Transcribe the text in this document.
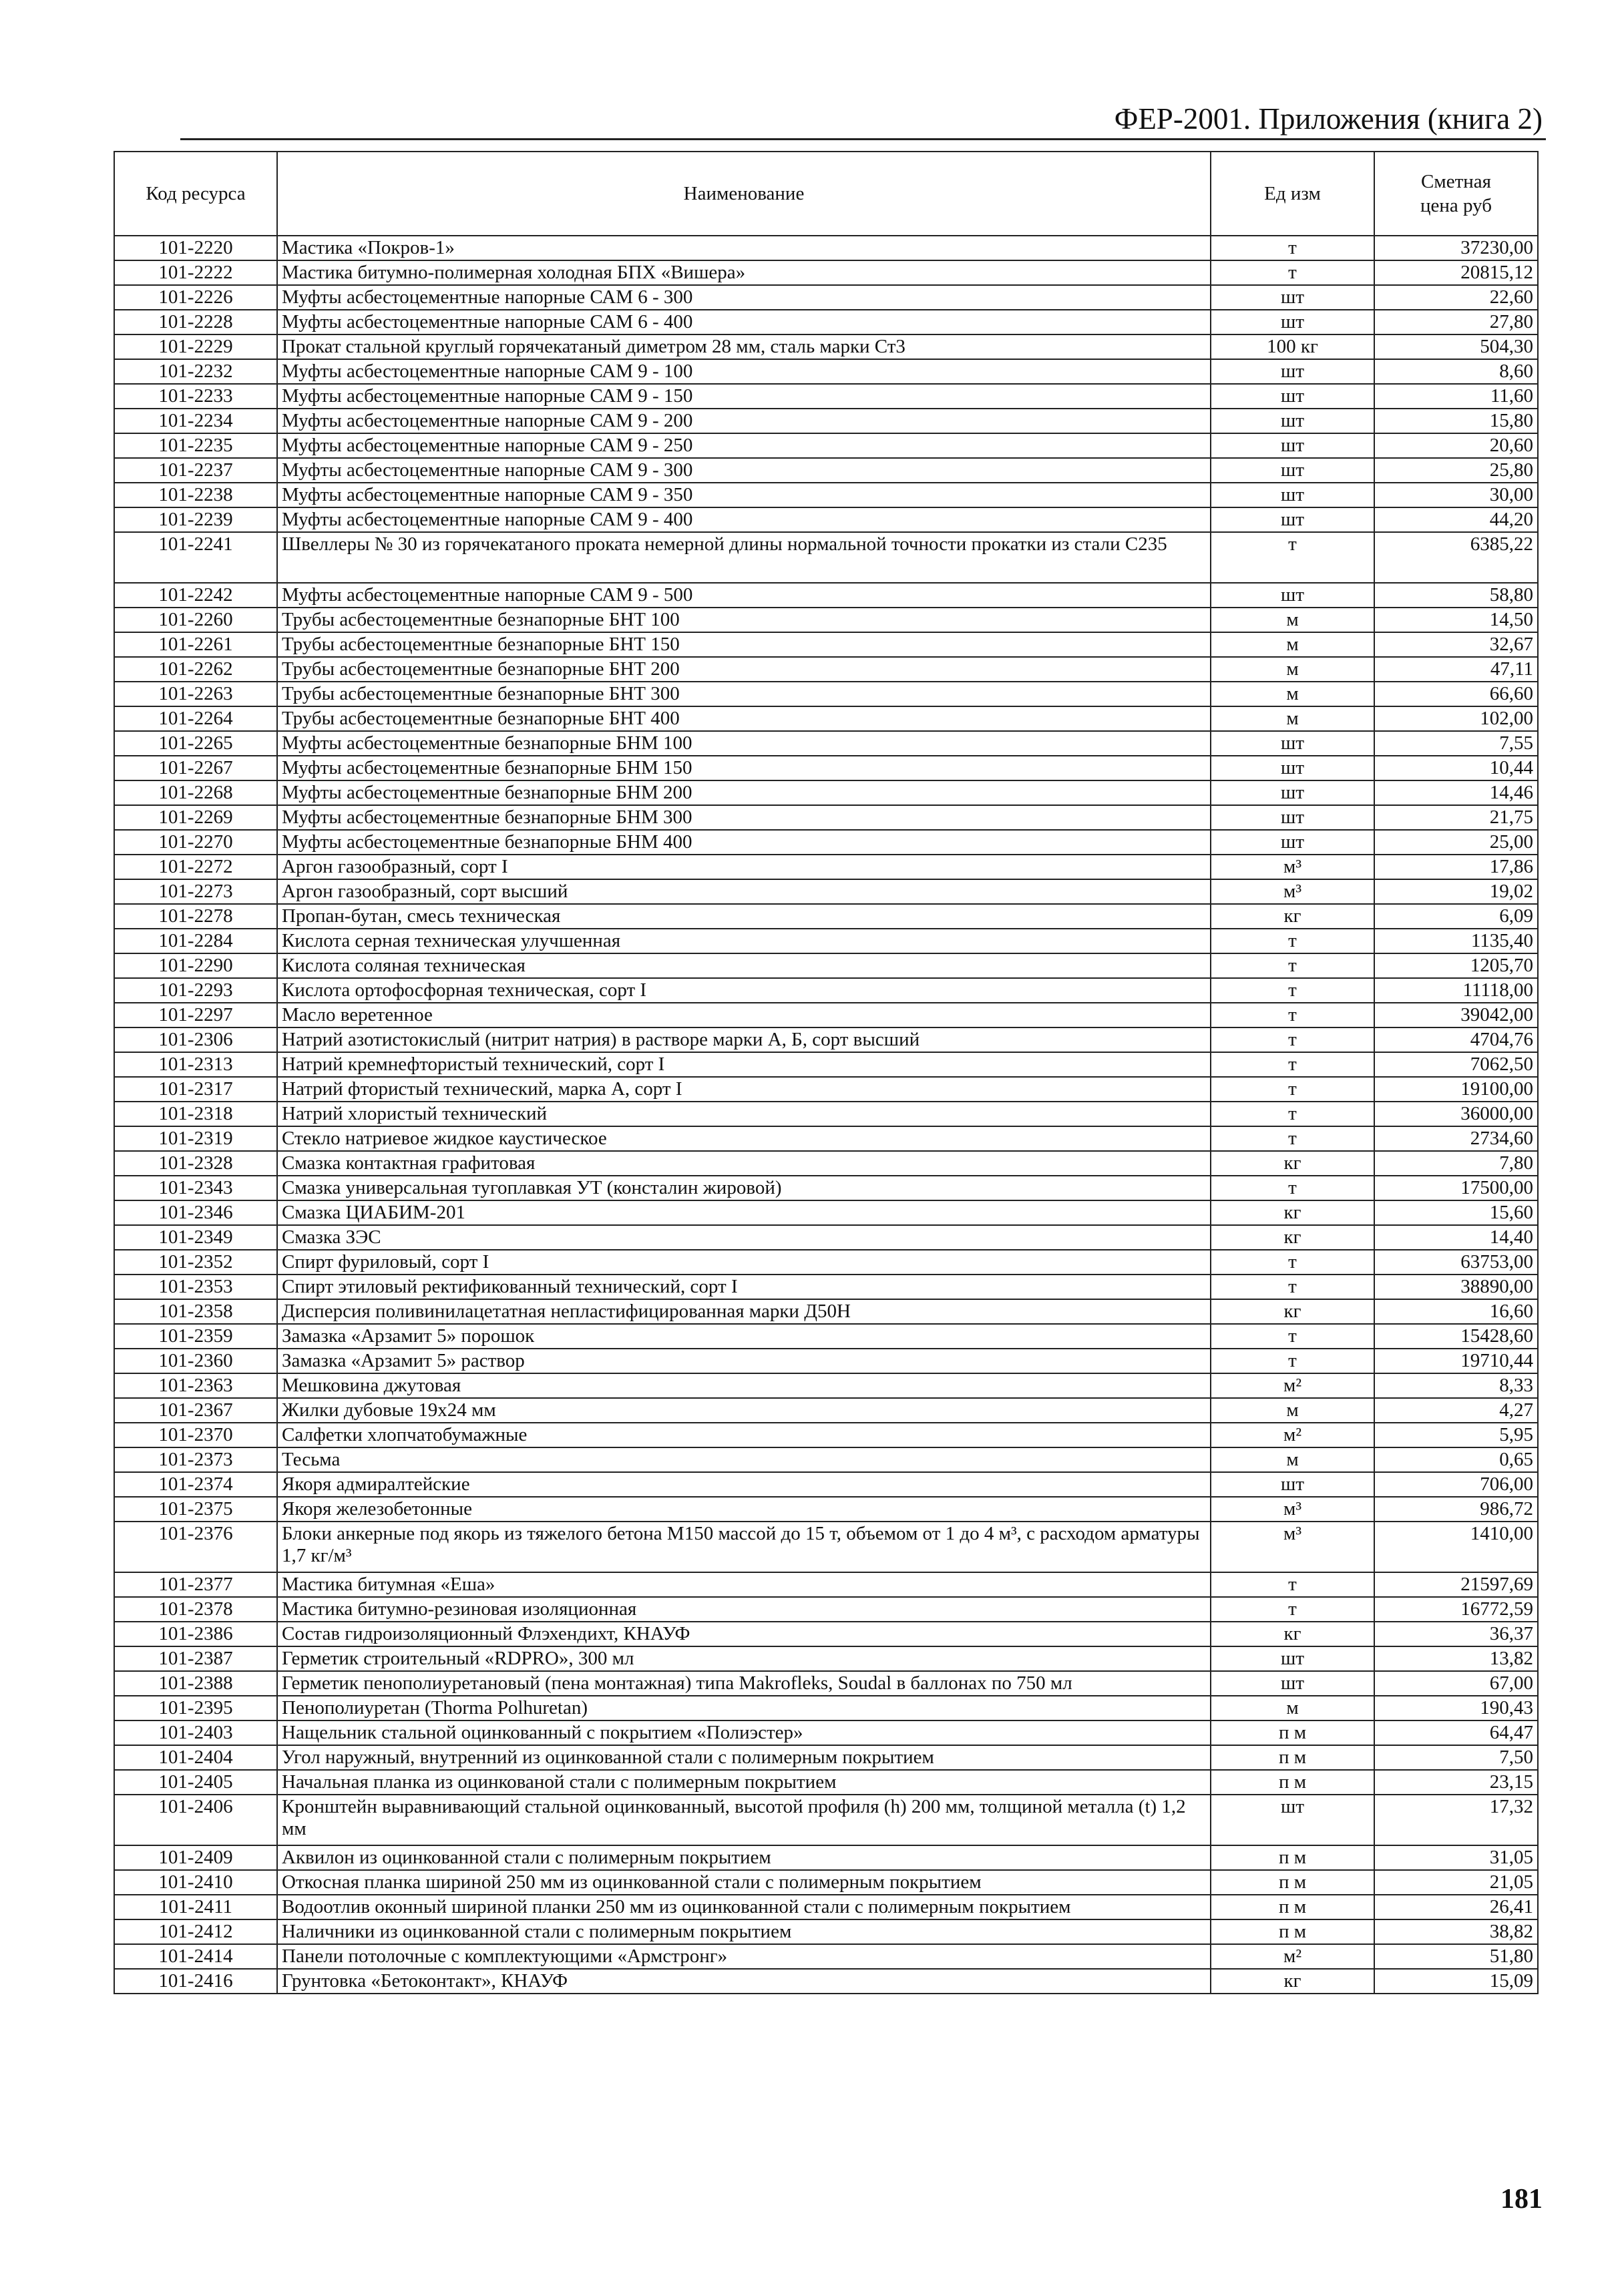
ФЕР-2001. Приложения (книга 2)
Код ресурса	Наименование	Ед изм	Сметная цена руб
101-2220	Мастика «Покров-1»	т	37230,00
101-2222	Мастика битумно-полимерная холодная БПХ «Вишера»	т	20815,12
101-2226	Муфты асбестоцементные напорные САМ 6 - 300	шт	22,60
101-2228	Муфты асбестоцементные напорные САМ 6 - 400	шт	27,80
101-2229	Прокат стальной круглый горячекатаный диметром 28 мм, сталь марки Ст3	100 кг	504,30
101-2232	Муфты асбестоцементные напорные САМ 9 - 100	шт	8,60
101-2233	Муфты асбестоцементные напорные САМ 9 - 150	шт	11,60
101-2234	Муфты асбестоцементные напорные САМ 9 - 200	шт	15,80
101-2235	Муфты асбестоцементные напорные САМ 9 - 250	шт	20,60
101-2237	Муфты асбестоцементные напорные САМ 9 - 300	шт	25,80
101-2238	Муфты асбестоцементные напорные САМ 9 - 350	шт	30,00
101-2239	Муфты асбестоцементные напорные САМ 9 - 400	шт	44,20
101-2241	Швеллеры № 30 из горячекатаного проката немерной длины нормальной точности прокатки из стали С235	т	6385,22
101-2242	Муфты асбестоцементные напорные САМ 9 - 500	шт	58,80
101-2260	Трубы асбестоцементные безнапорные БНТ 100	м	14,50
101-2261	Трубы асбестоцементные безнапорные БНТ 150	м	32,67
101-2262	Трубы асбестоцементные безнапорные БНТ 200	м	47,11
101-2263	Трубы асбестоцементные безнапорные БНТ 300	м	66,60
101-2264	Трубы асбестоцементные безнапорные БНТ 400	м	102,00
101-2265	Муфты асбестоцементные безнапорные БНМ 100	шт	7,55
101-2267	Муфты асбестоцементные безнапорные БНМ 150	шт	10,44
101-2268	Муфты асбестоцементные безнапорные БНМ 200	шт	14,46
101-2269	Муфты асбестоцементные безнапорные БНМ 300	шт	21,75
101-2270	Муфты асбестоцементные безнапорные БНМ 400	шт	25,00
101-2272	Аргон газообразный, сорт I	м³	17,86
101-2273	Аргон газообразный, сорт высший	м³	19,02
101-2278	Пропан-бутан, смесь техническая	кг	6,09
101-2284	Кислота серная техническая улучшенная	т	1135,40
101-2290	Кислота соляная техническая	т	1205,70
101-2293	Кислота ортофосфорная техническая, сорт I	т	11118,00
101-2297	Масло веретенное	т	39042,00
101-2306	Натрий азотистокислый (нитрит натрия) в растворе марки А, Б, сорт высший	т	4704,76
101-2313	Натрий кремнефтористый технический, сорт I	т	7062,50
101-2317	Натрий фтористый технический, марка А, сорт I	т	19100,00
101-2318	Натрий хлористый технический	т	36000,00
101-2319	Стекло натриевое жидкое каустическое	т	2734,60
101-2328	Смазка контактная графитовая	кг	7,80
101-2343	Смазка универсальная тугоплавкая УТ (консталин жировой)	т	17500,00
101-2346	Смазка ЦИАБИМ-201	кг	15,60
101-2349	Смазка ЗЭС	кг	14,40
101-2352	Спирт фуриловый, сорт I	т	63753,00
101-2353	Спирт этиловый ректификованный технический, сорт I	т	38890,00
101-2358	Дисперсия поливинилацетатная непластифицированная марки Д50Н	кг	16,60
101-2359	Замазка «Арзамит 5» порошок	т	15428,60
101-2360	Замазка «Арзамит 5» раствор	т	19710,44
101-2363	Мешковина джутовая	м²	8,33
101-2367	Жилки дубовые 19x24 мм	м	4,27
101-2370	Салфетки хлопчатобумажные	м²	5,95
101-2373	Тесьма	м	0,65
101-2374	Якоря адмиралтейские	шт	706,00
101-2375	Якоря железобетонные	м³	986,72
101-2376	Блоки анкерные под якорь из тяжелого бетона М150 массой до 15 т, объемом от 1 до 4 м³, с расходом арматуры 1,7 кг/м³	м³	1410,00
101-2377	Мастика битумная «Еша»	т	21597,69
101-2378	Мастика битумно-резиновая изоляционная	т	16772,59
101-2386	Состав гидроизоляционный Флэхендихт, КНАУФ	кг	36,37
101-2387	Герметик строительный «RDPRO», 300 мл	шт	13,82
101-2388	Герметик пенополиуретановый (пена монтажная) типа Makrofleks, Soudal в баллонах по 750 мл	шт	67,00
101-2395	Пенополиуретан (Thorma Polhuretan)	м	190,43
101-2403	Нащельник стальной оцинкованный с покрытием «Полиэстер»	п м	64,47
101-2404	Угол наружный, внутренний из оцинкованной стали с полимерным покрытием	п м	7,50
101-2405	Начальная планка из оцинкованой стали с полимерным покрытием	п м	23,15
101-2406	Кронштейн выравнивающий стальной оцинкованный, высотой профиля (h) 200 мм, толщиной металла (t) 1,2 мм	шт	17,32
101-2409	Аквилон из оцинкованной стали с полимерным покрытием	п м	31,05
101-2410	Откосная планка шириной 250 мм из оцинкованной стали с полимерным покрытием	п м	21,05
101-2411	Водоотлив оконный шириной планки 250 мм из оцинкованной стали с полимерным покрытием	п м	26,41
101-2412	Наличники из оцинкованной стали с полимерным покрытием	п м	38,82
101-2414	Панели потолочные с комплектующими «Армстронг»	м²	51,80
101-2416	Грунтовка «Бетоконтакт», КНАУФ	кг	15,09
181
